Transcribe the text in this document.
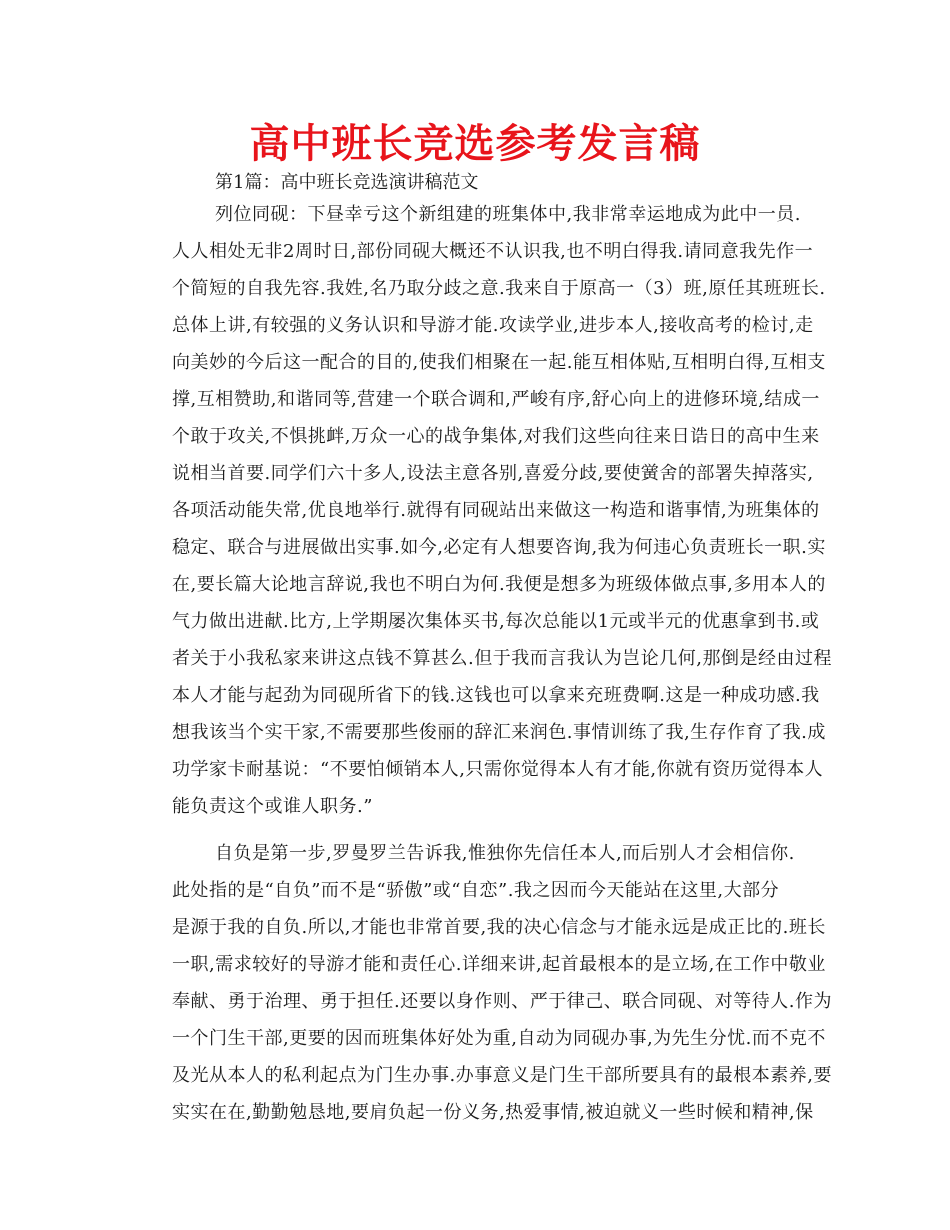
高中班长竞选参考发言稿
第1篇：高中班长竞选演讲稿范文
列位同砚：下昼幸亏这个新组建的班集体中,我非常幸运地成为此中一员.
人人相处无非2周时日,部份同砚大概还不认识我,也不明白得我.请同意我先作一
个简短的自我先容.我姓,名乃取分歧之意.我来自于原高一（3）班,原任其班班长.
总体上讲,有较强的义务认识和导游才能.攻读学业,进步本人,接收高考的检讨,走
向美妙的今后这一配合的目的,使我们相聚在一起.能互相体贴,互相明白得,互相支
撑,互相赞助,和谐同等,营建一个联合调和,严峻有序,舒心向上的进修环境,结成一
个敢于攻关,不惧挑衅,万众一心的战争集体,对我们这些向往来日诰日的高中生来
说相当首要.同学们六十多人,设法主意各别,喜爱分歧,要使黉舍的部署失掉落实,
各项活动能失常,优良地举行.就得有同砚站出来做这一构造和谐事情,为班集体的
稳定、联合与进展做出实事.如今,必定有人想要咨询,我为何违心负责班长一职.实
在,要长篇大论地言辞说,我也不明白为何.我便是想多为班级体做点事,多用本人的
气力做出进献.比方,上学期屡次集体买书,每次总能以1元或半元的优惠拿到书.或
者关于小我私家来讲这点钱不算甚么.但于我而言我认为岂论几何,那倒是经由过程
本人才能与起劲为同砚所省下的钱.这钱也可以拿来充班费啊.这是一种成功感.我
想我该当个实干家,不需要那些俊丽的辞汇来润色.事情训练了我,生存作育了我.成
功学家卡耐基说：“不要怕倾销本人,只需你觉得本人有才能,你就有资历觉得本人
能负责这个或谁人职务.”
自负是第一步,罗曼罗兰告诉我,惟独你先信任本人,而后别人才会相信你.
此处指的是“自负”而不是“骄傲”或“自恋”.我之因而今天能站在这里,大部分
是源于我的自负.所以,才能也非常首要,我的决心信念与才能永远是成正比的.班长
一职,需求较好的导游才能和责任心.详细来讲,起首最根本的是立场,在工作中敬业
奉献、勇于治理、勇于担任.还要以身作则、严于律己、联合同砚、对等待人.作为
一个门生干部,更要的因而班集体好处为重,自动为同砚办事,为先生分忧.而不克不
及光从本人的私利起点为门生办事.办事意义是门生干部所要具有的最根本素养,要
实实在在,勤勤勉恳地,要肩负起一份义务,热爱事情,被迫就义一些时候和精神,保
